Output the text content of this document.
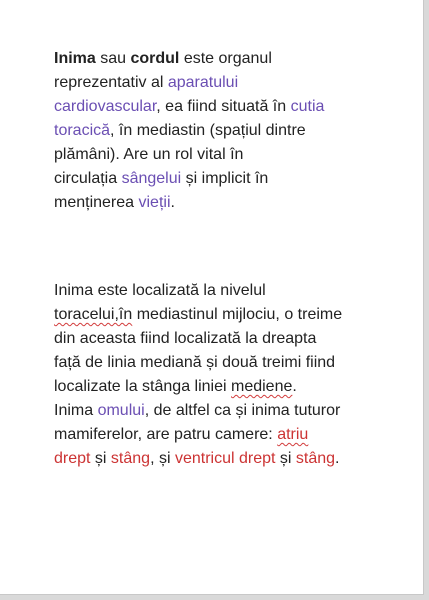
Inima sau cordul este organul
reprezentativ al aparatului
cardiovascular, ea fiind situată în cutia
toracică, în mediastin (spațiul dintre
plămâni). Are un rol vital în
circulația sângelui și implicit în
menținerea vieții.
Inima este localizată la nivelul
toracelui,în mediastinul mijlociu, o treime
din aceasta fiind localizată la dreapta
față de linia mediană și două treimi fiind
localizate la stânga liniei mediene.
Inima omului, de altfel ca și inima tuturor
mamiferelor, are patru camere: atriu
drept și stâng, și ventricul drept și stâng.
